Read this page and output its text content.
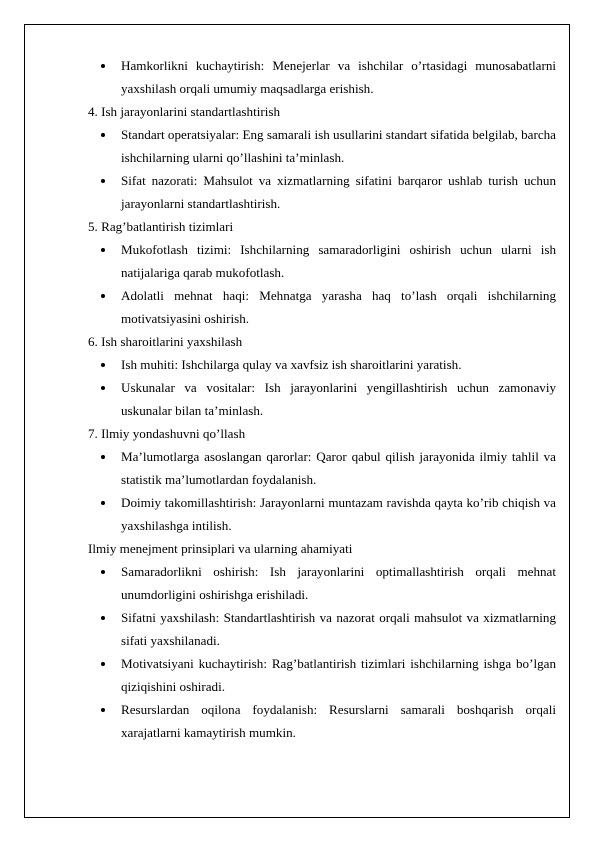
Hamkorlikni kuchaytirish: Menejerlar va ishchilar o’rtasidagi munosabatlarni yaxshilash orqali umumiy maqsadlarga erishish.

4. Ish jarayonlarini standartlashtirish

Standart operatsiyalar: Eng samarali ish usullarini standart sifatida belgilab, barcha ishchilarning ularni qo’llashini ta’minlash.
Sifat nazorati: Mahsulot va xizmatlarning sifatini barqaror ushlab turish uchun jarayonlarni standartlashtirish.

5. Rag’batlantirish tizimlari

Mukofotlash tizimi: Ishchilarning samaradorligini oshirish uchun ularni ish natijalariga qarab mukofotlash.
Adolatli mehnat haqi: Mehnatga yarasha haq to’lash orqali ishchilarning motivatsiyasini oshirish.

6. Ish sharoitlarini yaxshilash

Ish muhiti: Ishchilarga qulay va xavfsiz ish sharoitlarini yaratish.
Uskunalar va vositalar: Ish jarayonlarini yengillashtirish uchun zamonaviy uskunalar bilan ta’minlash.

7. Ilmiy yondashuvni qo’llash

Ma’lumotlarga asoslangan qarorlar: Qaror qabul qilish jarayonida ilmiy tahlil va statistik ma’lumotlardan foydalanish.
Doimiy takomillashtirish: Jarayonlarni muntazam ravishda qayta ko’rib chiqish va yaxshilashga intilish.

Ilmiy menejment prinsiplari va ularning ahamiyati

Samaradorlikni oshirish: Ish jarayonlarini optimallashtirish orqali mehnat unumdorligini oshirishga erishiladi.
Sifatni yaxshilash: Standartlashtirish va nazorat orqali mahsulot va xizmatlarning sifati yaxshilanadi.
Motivatsiyani kuchaytirish: Rag’batlantirish tizimlari ishchilarning ishga bo’lgan qiziqishini oshiradi.
Resurslardan oqilona foydalanish: Resurslarni samarali boshqarish orqali xarajatlarni kamaytirish mumkin.
